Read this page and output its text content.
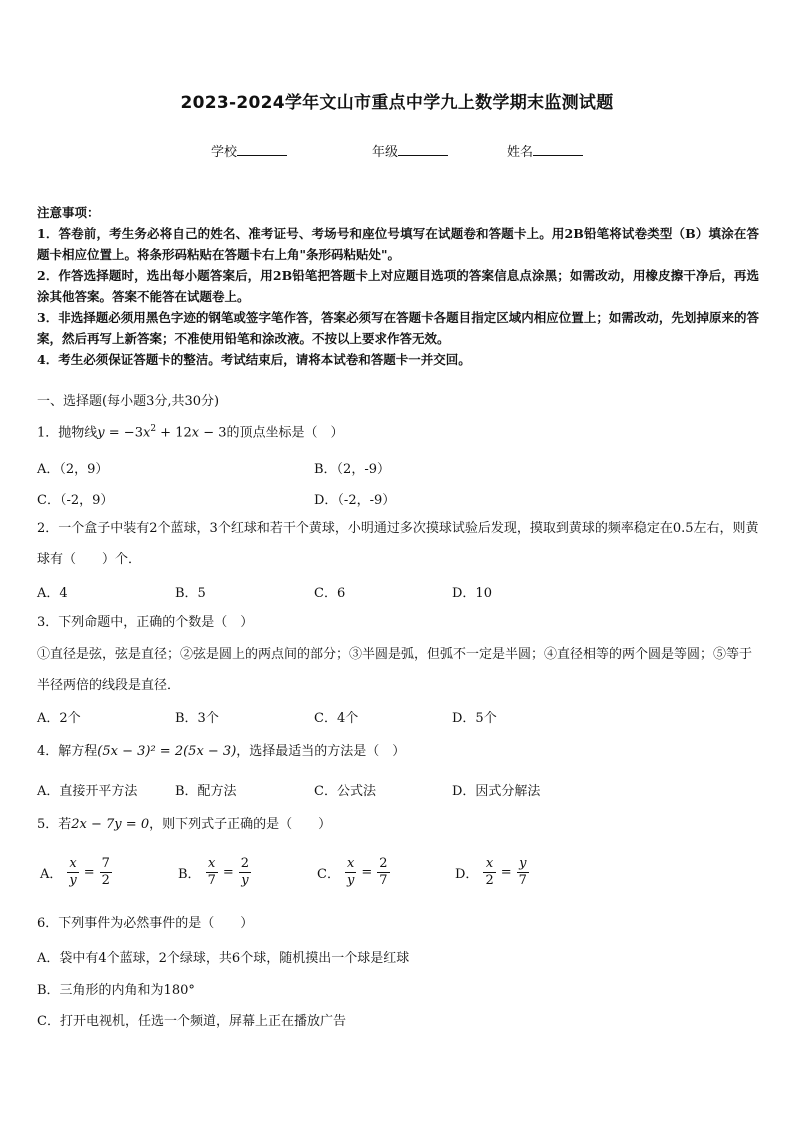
2023-2024学年文山市重点中学九上数学期末监测试题
学校	年级	姓名

注意事项：

1．答卷前，考生务必将自己的姓名、准考证号、考场号和座位号填写在试题卷和答题卡上。用2B铅笔将试卷类型（B）填涂在答题卡相应位置上。将条形码粘贴在答题卡右上角"条形码粘贴处"。

2．作答选择题时，选出每小题答案后，用2B铅笔把答题卡上对应题目选项的答案信息点涂黑；如需改动，用橡皮擦干净后，再选涂其他答案。答案不能答在试题卷上。

3．非选择题必须用黑色字迹的钢笔或签字笔作答，答案必须写在答题卡各题目指定区域内相应位置上；如需改动，先划掉原来的答案，然后再写上新答案；不准使用铅笔和涂改液。不按以上要求作答无效。

4．考生必须保证答题卡的整洁。考试结束后，请将本试卷和答题卡一并交回。

一、选择题(每小题3分,共30分)
1．抛物线$y = -3x^2 + 12x - 3$的顶点坐标是（　）
A．（2，9）	B．（2，-9）
C．（-2，9）	D．（-2，-9）
2．一个盒子中装有2个蓝球，3个红球和若干个黄球，小明通过多次摸球试验后发现，摸取到黄球的频率稳定在0.5左右，则黄球有（　　）个．
A．4	B．5	C．6	D．10
3．下列命题中，正确的个数是（　）
①直径是弦，弦是直径；②弦是圆上的两点间的部分；③半圆是弧，但弧不一定是半圆；④直径相等的两个圆是等圆；⑤等于半径两倍的线段是直径．
A．2个	B．3个	C．4个	D．5个
4．解方程(5x − 3)² = 2(5x − 3)，选择最适当的方法是（　）
A．直接开平方法	B．配方法	C．公式法	D．因式分解法
5．若2x − 7y = 0，则下列式子正确的是（　　）
A． $\frac{x}{y} = \frac{7}{2}$	B． $\frac{x}{7} = \frac{2}{y}$	C． $\frac{x}{y} = \frac{2}{7}$	D． $\frac{x}{2} = \frac{y}{7}$
6．下列事件为必然事件的是（　　）
A．袋中有4个蓝球，2个绿球，共6个球，随机摸出一个球是红球
B．三角形的内角和为180°
C．打开电视机，任选一个频道，屏幕上正在播放广告
